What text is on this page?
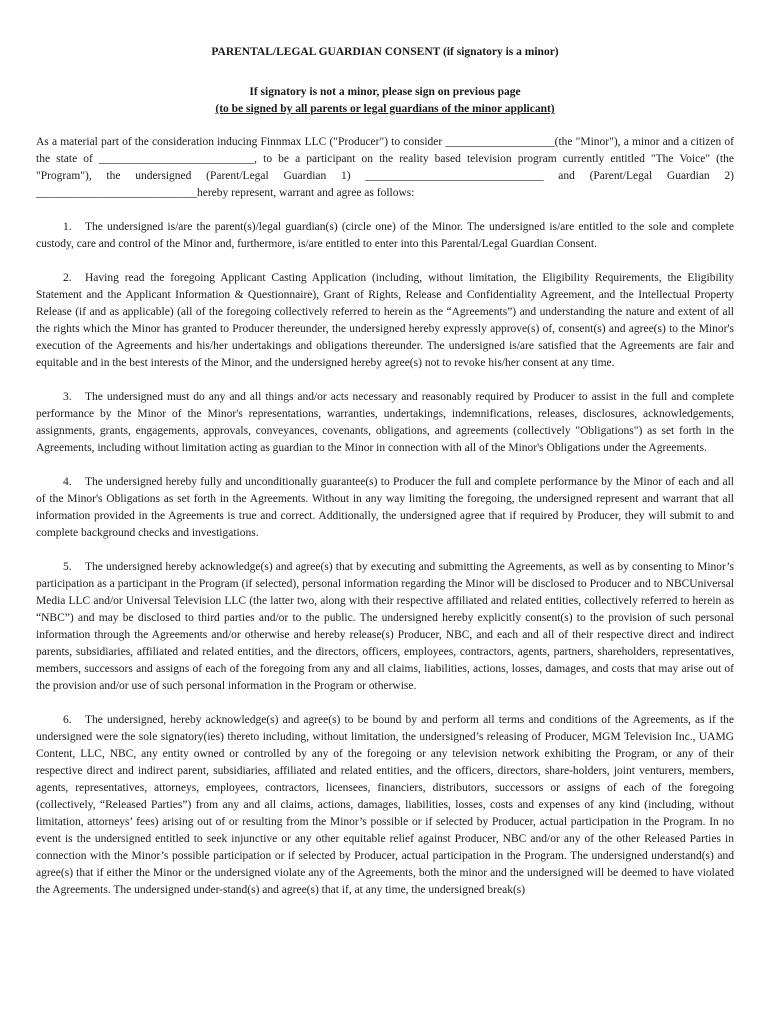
PARENTAL/LEGAL GUARDIAN CONSENT (if signatory is a minor)

If signatory is not a minor, please sign on previous page

(to be signed by all parents or legal guardians of the minor applicant)

As a material part of the consideration inducing Finnmax LLC ("Producer") to consider ___________________(the "Minor"), a minor and a citizen of the state of ___________________________, to be a participant on the reality based television program currently entitled "The Voice" (the "Program"), the undersigned (Parent/Legal Guardian 1) _______________________________ and (Parent/Legal Guardian 2) ____________________________hereby represent, warrant and agree as follows:

1. The undersigned is/are the parent(s)/legal guardian(s) (circle one) of the Minor. The undersigned is/are entitled to the sole and complete custody, care and control of the Minor and, furthermore, is/are entitled to enter into this Parental/Legal Guardian Consent.

2. Having read the foregoing Applicant Casting Application (including, without limitation, the Eligibility Requirements, the Eligibility Statement and the Applicant Information & Questionnaire), Grant of Rights, Release and Confidentiality Agreement, and the Intellectual Property Release (if and as applicable) (all of the foregoing collectively referred to herein as the “Agreements”) and understanding the nature and extent of all the rights which the Minor has granted to Producer thereunder, the undersigned hereby expressly approve(s) of, consent(s) and agree(s) to the Minor's execution of the Agreements and his/her undertakings and obligations thereunder. The undersigned is/are satisfied that the Agreements are fair and equitable and in the best interests of the Minor, and the undersigned hereby agree(s) not to revoke his/her consent at any time.

3. The undersigned must do any and all things and/or acts necessary and reasonably required by Producer to assist in the full and complete performance by the Minor of the Minor's representations, warranties, undertakings, indemnifications, releases, disclosures, acknowledgements, assignments, grants, engagements, approvals, conveyances, covenants, obligations, and agreements (collectively "Obligations") as set forth in the Agreements, including without limitation acting as guardian to the Minor in connection with all of the Minor's Obligations under the Agreements.

4. The undersigned hereby fully and unconditionally guarantee(s) to Producer the full and complete performance by the Minor of each and all of the Minor's Obligations as set forth in the Agreements. Without in any way limiting the foregoing, the undersigned represent and warrant that all information provided in the Agreements is true and correct. Additionally, the undersigned agree that if required by Producer, they will submit to and complete background checks and investigations.

5. The undersigned hereby acknowledge(s) and agree(s) that by executing and submitting the Agreements, as well as by consenting to Minor’s participation as a participant in the Program (if selected), personal information regarding the Minor will be disclosed to Producer and to NBCUniversal Media LLC and/or Universal Television LLC (the latter two, along with their respective affiliated and related entities, collectively referred to herein as “NBC”) and may be disclosed to third parties and/or to the public. The undersigned hereby explicitly consent(s) to the provision of such personal information through the Agreements and/or otherwise and hereby release(s) Producer, NBC, and each and all of their respective direct and indirect parents, subsidiaries, affiliated and related entities, and the directors, officers, employees, contractors, agents, partners, shareholders, representatives, members, successors and assigns of each of the foregoing from any and all claims, liabilities, actions, losses, damages, and costs that may arise out of the provision and/or use of such personal information in the Program or otherwise.

6. The undersigned, hereby acknowledge(s) and agree(s) to be bound by and perform all terms and conditions of the Agreements, as if the undersigned were the sole signatory(ies) thereto including, without limitation, the undersigned’s releasing of Producer, MGM Television Inc., UAMG Content, LLC, NBC, any entity owned or controlled by any of the foregoing or any television network exhibiting the Program, or any of their respective direct and indirect parent, subsidiaries, affiliated and related entities, and the officers, directors, share-holders, joint venturers, members, agents, representatives, attorneys, employees, contractors, licensees, financiers, distributors, successors or assigns of each of the foregoing (collectively, “Released Parties”) from any and all claims, actions, damages, liabilities, losses, costs and expenses of any kind (including, without limitation, attorneys’ fees) arising out of or resulting from the Minor’s possible or if selected by Producer, actual participation in the Program. In no event is the undersigned entitled to seek injunctive or any other equitable relief against Producer, NBC and/or any of the other Released Parties in connection with the Minor’s possible participation or if selected by Producer, actual participation in the Program. The undersigned understand(s) and agree(s) that if either the Minor or the undersigned violate any of the Agreements, both the minor and the undersigned will be deemed to have violated the Agreements. The undersigned under-stand(s) and agree(s) that if, at any time, the undersigned break(s)
